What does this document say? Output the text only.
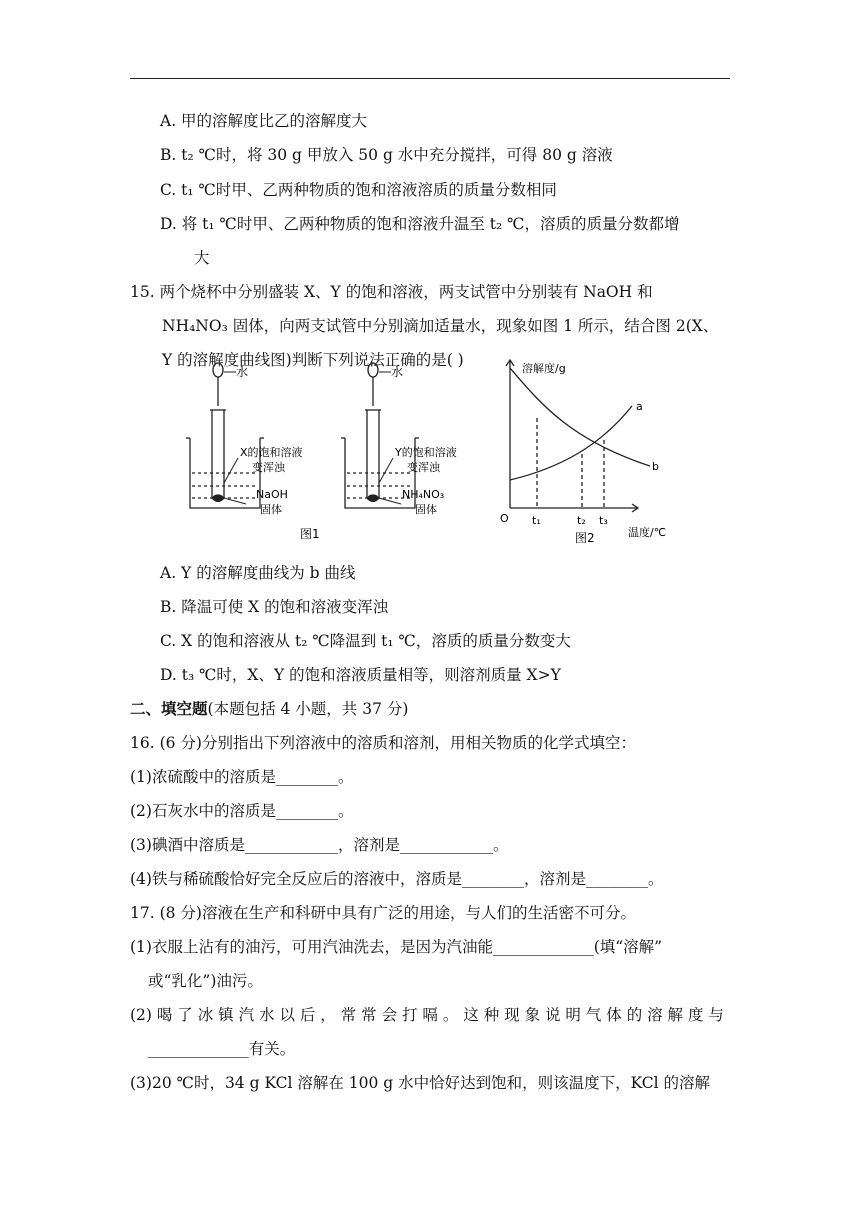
A. 甲的溶解度比乙的溶解度大
B. t₂ ℃时，将 30 g 甲放入 50 g 水中充分搅拌，可得 80 g 溶液
C. t₁ ℃时甲、乙两种物质的饱和溶液溶质的质量分数相同
D. 将 t₁ ℃时甲、乙两种物质的饱和溶液升温至 t₂ ℃，溶质的质量分数都增
大
15. 两个烧杯中分别盛装 X、Y 的饱和溶液，两支试管中分别装有 NaOH 和
NH₄NO₃ 固体，向两支试管中分别滴加适量水，现象如图 1 所示，结合图 2(X、
Y 的溶解度曲线图)判断下列说法正确的是( )
水
X的饱和溶液
变浑浊
NaOH
固体
水
Y的饱和溶液
变浑浊
NH₄NO₃
固体
图1
溶解度/g
温度/℃
O t₁	t₂ t₃
a
b
图2
A. Y 的溶解度曲线为 b 曲线
B. 降温可使 X 的饱和溶液变浑浊
C. X 的饱和溶液从 t₂ ℃降温到 t₁ ℃，溶质的质量分数变大
D. t₃ ℃时，X、Y 的饱和溶液质量相等，则溶剂质量 X>Y
二、填空题(本题包括 4 小题，共 37 分)
16. (6 分)分别指出下列溶液中的溶质和溶剂，用相关物质的化学式填空：
(1)浓硫酸中的溶质是________。
(2)石灰水中的溶质是________。
(3)碘酒中溶质是____________，溶剂是____________。
(4)铁与稀硫酸恰好完全反应后的溶液中，溶质是________，溶剂是________。
17. (8 分)溶液在生产和科研中具有广泛的用途，与人们的生活密不可分。
(1)衣服上沾有的油污，可用汽油洗去，是因为汽油能_____________(填“溶解”
或“乳化”)油污。
(2) 喝 了 冰 镇 汽 水 以 后 ， 常 常 会 打 嗝 。 这 种 现 象 说 明 气 体 的 溶 解 度 与
_____________有关。
(3)20 ℃时，34 g KCl 溶解在 100 g 水中恰好达到饱和，则该温度下，KCl 的溶解
